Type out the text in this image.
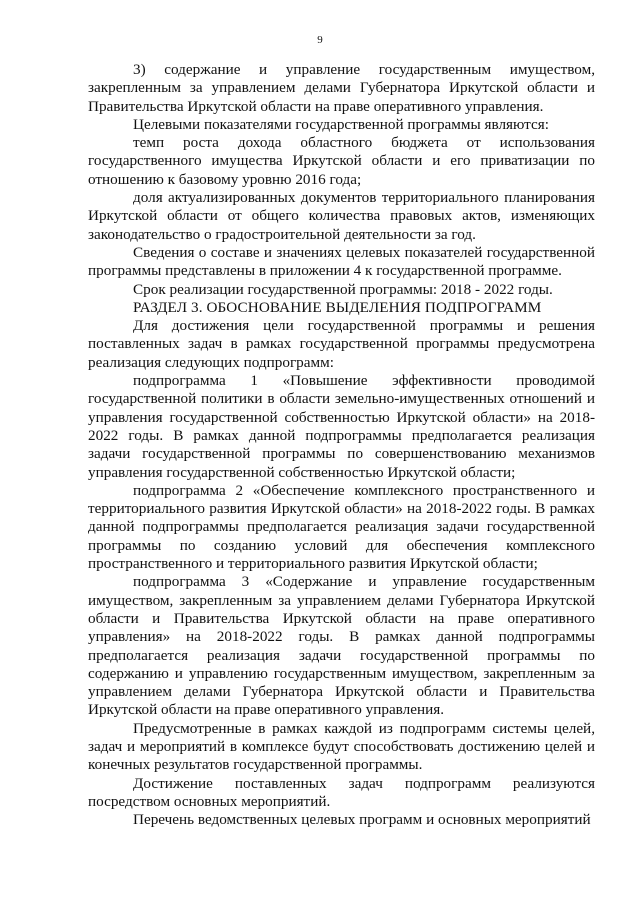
9

3) содержание и управление государственным имуществом, закрепленным за управлением делами Губернатора Иркутской области и Правительства Иркутской области на праве оперативного управления.

Целевыми показателями государственной программы являются:

темп роста дохода областного бюджета от использования государственного имущества Иркутской области и его приватизации по отношению к базовому уровню 2016 года;

доля актуализированных документов территориального планирования Иркутской области от общего количества правовых актов, изменяющих законодательство о градостроительной деятельности за год.

Сведения о составе и значениях целевых показателей государственной программы представлены в приложении 4 к государственной программе.

Срок реализации государственной программы: 2018 - 2022 годы.

РАЗДЕЛ 3. ОБОСНОВАНИЕ ВЫДЕЛЕНИЯ ПОДПРОГРАММ

Для достижения цели государственной программы и решения поставленных задач в рамках государственной программы предусмотрена реализация следующих подпрограмм:

подпрограмма 1 «Повышение эффективности проводимой государственной политики в области земельно-имущественных отношений и управления государственной собственностью Иркутской области» на 2018-2022 годы. В рамках данной подпрограммы предполагается реализация задачи государственной программы по совершенствованию механизмов управления государственной собственностью Иркутской области;

подпрограмма 2 «Обеспечение комплексного пространственного и территориального развития Иркутской области» на 2018-2022 годы. В рамках данной подпрограммы предполагается реализация задачи государственной программы по созданию условий для обеспечения комплексного пространственного и территориального развития Иркутской области;

подпрограмма 3 «Содержание и управление государственным имуществом, закрепленным за управлением делами Губернатора Иркутской области и Правительства Иркутской области на праве оперативного управления» на 2018-2022 годы. В рамках данной подпрограммы предполагается реализация задачи государственной программы по содержанию и управлению государственным имуществом, закрепленным за управлением делами Губернатора Иркутской области и Правительства Иркутской области на праве оперативного управления.

Предусмотренные в рамках каждой из подпрограмм системы целей, задач и мероприятий в комплексе будут способствовать достижению целей и конечных результатов государственной программы.

Достижение поставленных задач подпрограмм реализуются посредством основных мероприятий.

Перечень ведомственных целевых программ и основных мероприятий
